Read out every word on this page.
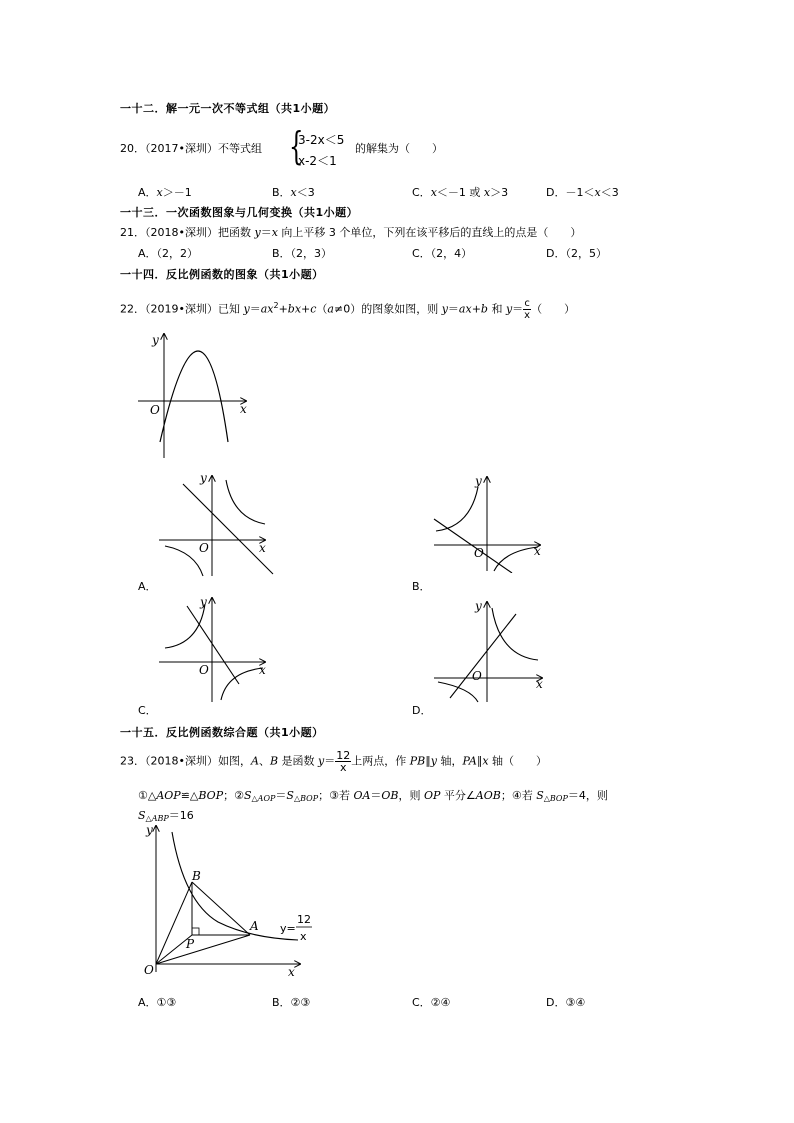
一十二．解一元一次不等式组（共1小题）
20．（2017•深圳）不等式组 {
3-2x＜5
x-2＜1
的解集为（　　）
A．x＞－1	B．x＜3	C．x＜－1 或 x＞3	D．－1＜x＜3
一十三．一次函数图象与几何变换（共1小题）
21．（2018•深圳）把函数 y＝x 向上平移 3 个单位，下列在该平移后的直线上的点是（　　）
A．（2，2）	B．（2，3）	C．（2，4）	D．（2，5）
一十四．反比例函数的图象（共1小题）
22．（2019•深圳）已知 $y=ax^2+bx+c(a\ne 0)$的图象如图，则 y＝ax+b 和 $y= \frac{c}{x}$ （　　）
x
y
O
x
y
O
A．
x
y
O
B．
x
y
O
C．
x
y
O
D．
一十五．反比例函数综合题（共1小题）
23．（2018•深圳）如图，A、B 是函数 $y= \frac{12}{x}$ 上两点，作 PB∥y 轴，PA∥x 轴（　　）
①△AOP≌△BOP；$②S_{\triangle AOP}=S_{\triangle BOP}$；③若 OA＝OB，则 OP 平分∠AOB；④若 $S_{\triangle BOP}=4$，则
$S_{\triangle ABP}=16$
B
A
P
O	x
y
y=
12
x
A．①③	B．②③	C．②④	D．③④
